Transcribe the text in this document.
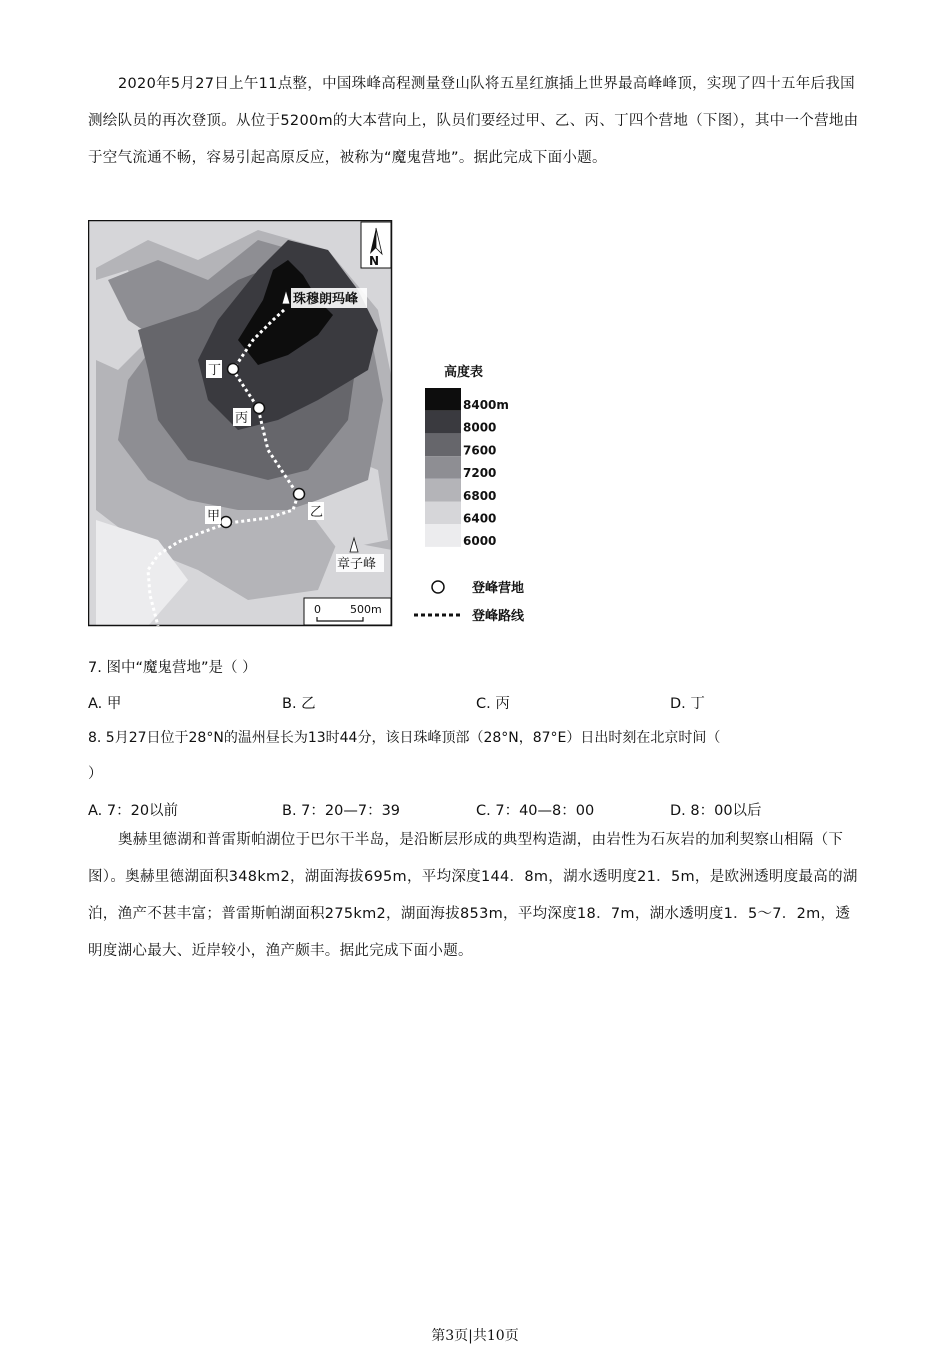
2020年5月27日上午11点整，中国珠峰高程测量登山队将五星红旗插上世界最高峰峰顶，实现了四十五年后我国测绘队员的再次登顶。从位于5200m的大本营向上，队员们要经过甲、乙、丙、丁四个营地（下图），其中一个营地由于空气流通不畅，容易引起高原反应，被称为“魔鬼营地”。据此完成下面小题。

N
珠穆朗玛峰
丁
丙
乙
甲
章子峰
0	500m
高度表
8400m
8000
7600
7200
6800
6400
6000
登峰营地
登峰路线

7. 图中“魔鬼营地”是（ ）

A. 甲	B. 乙	C. 丙	D. 丁

8. 5月27日位于28°N的温州昼长为13时44分，该日珠峰顶部（28°N，87°E）日出时刻在北京时间（

）

A. 7：20以前	B. 7：20—7：39	C. 7：40—8：00	D. 8：00以后

奥赫里德湖和普雷斯帕湖位于巴尔干半岛，是沿断层形成的典型构造湖，由岩性为石灰岩的加利契察山相隔（下图）。奥赫里德湖面积348km2，湖面海拔695m，平均深度144．8m，湖水透明度21．5m，是欧洲透明度最高的湖泊，渔产不甚丰富；普雷斯帕湖面积275km2，湖面海拔853m，平均深度18．7m，湖水透明度1．5～7．2m，透明度湖心最大、近岸较小，渔产颇丰。据此完成下面小题。

第3页|共10页
